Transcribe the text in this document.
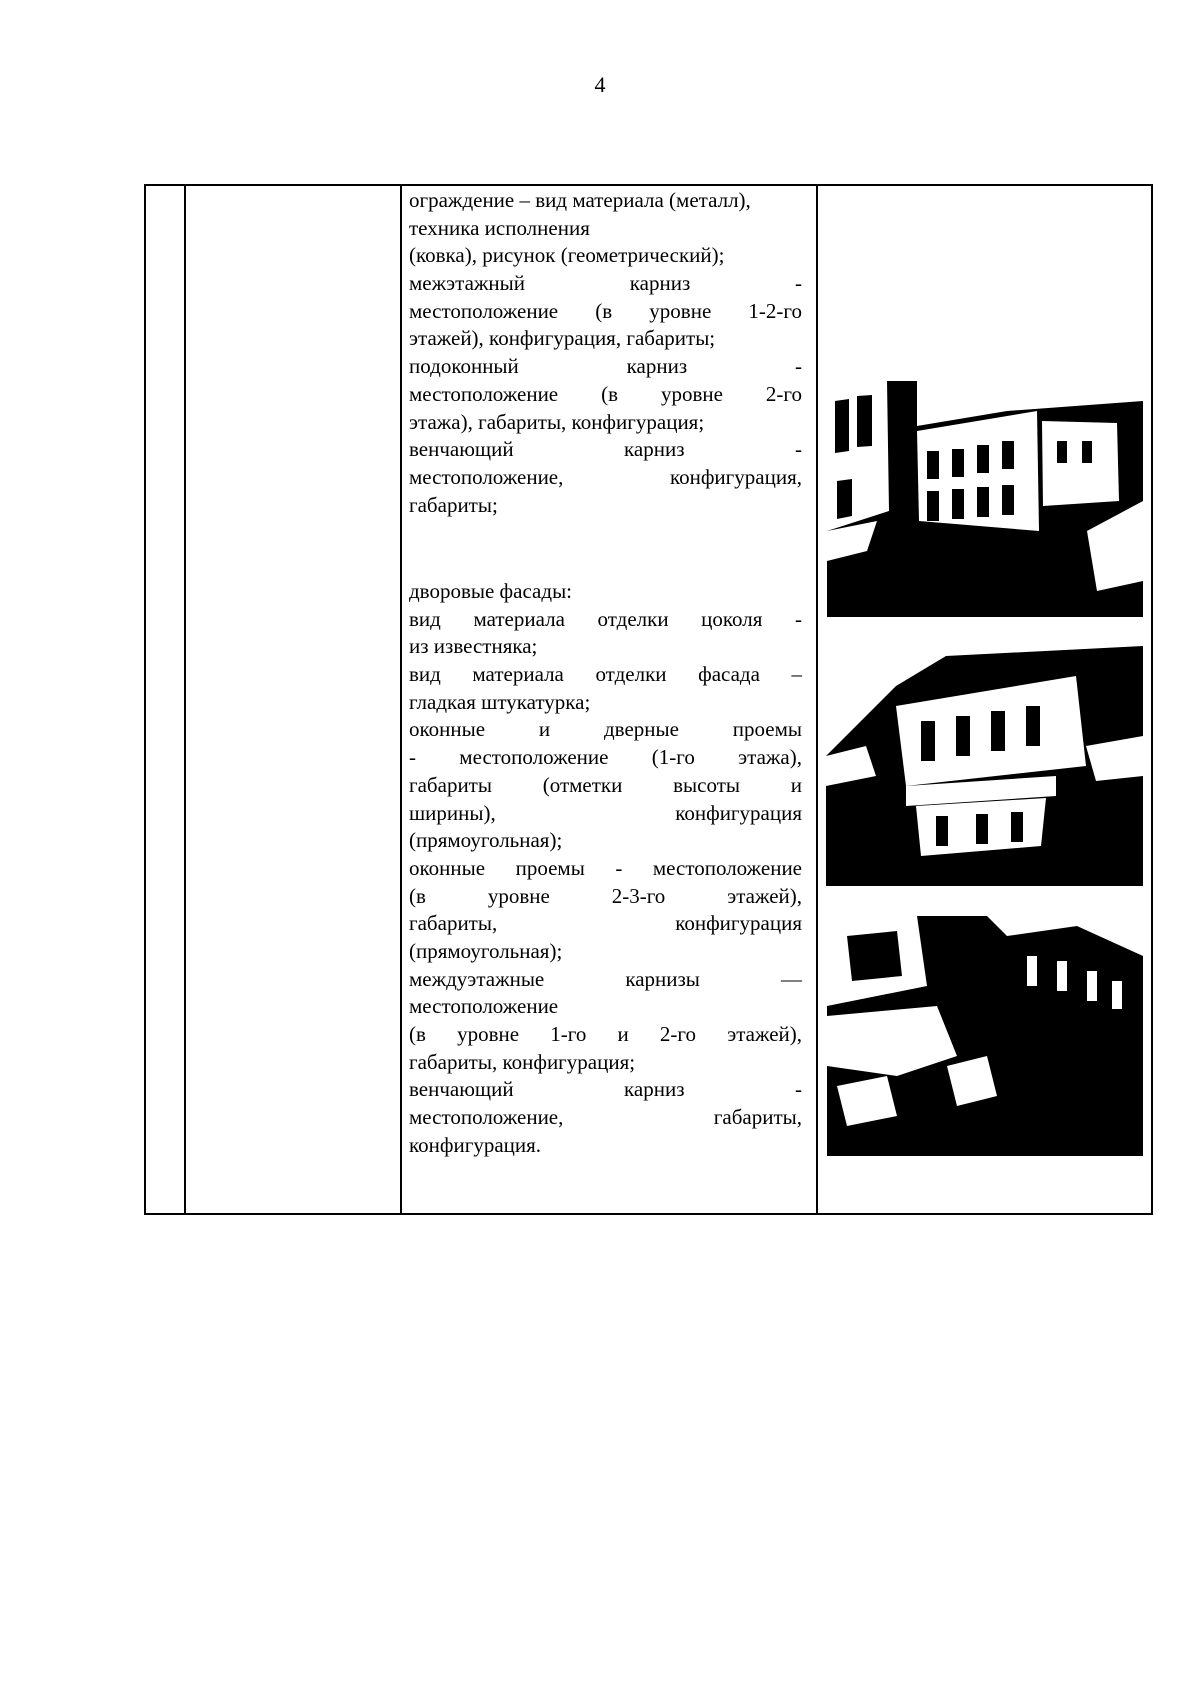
4
ограждение – вид материала (металл),
техника исполнения
(ковка), рисунок (геометрический);
межэтажный карниз -
местоположение (в уровне 1-2-го
этажей), конфигурация, габариты;
подоконный карниз -
местоположение (в уровне 2-го
этажа), габариты, конфигурация;
венчающий карниз -
местоположение, конфигурация,
габариты;
дворовые фасады:
вид материала отделки цоколя -
из известняка;
вид материала отделки фасада –
гладкая штукатурка;
оконные и дверные проемы
- местоположение (1-го этажа),
габариты (отметки высоты и
ширины), конфигурация
(прямоугольная);
оконные проемы - местоположение
(в уровне 2-3-го этажей),
габариты, конфигурация
(прямоугольная);
междуэтажные карнизы —
местоположение
(в уровне 1-го и 2-го этажей),
габариты, конфигурация;
венчающий карниз -
местоположение, габариты,
конфигурация.
